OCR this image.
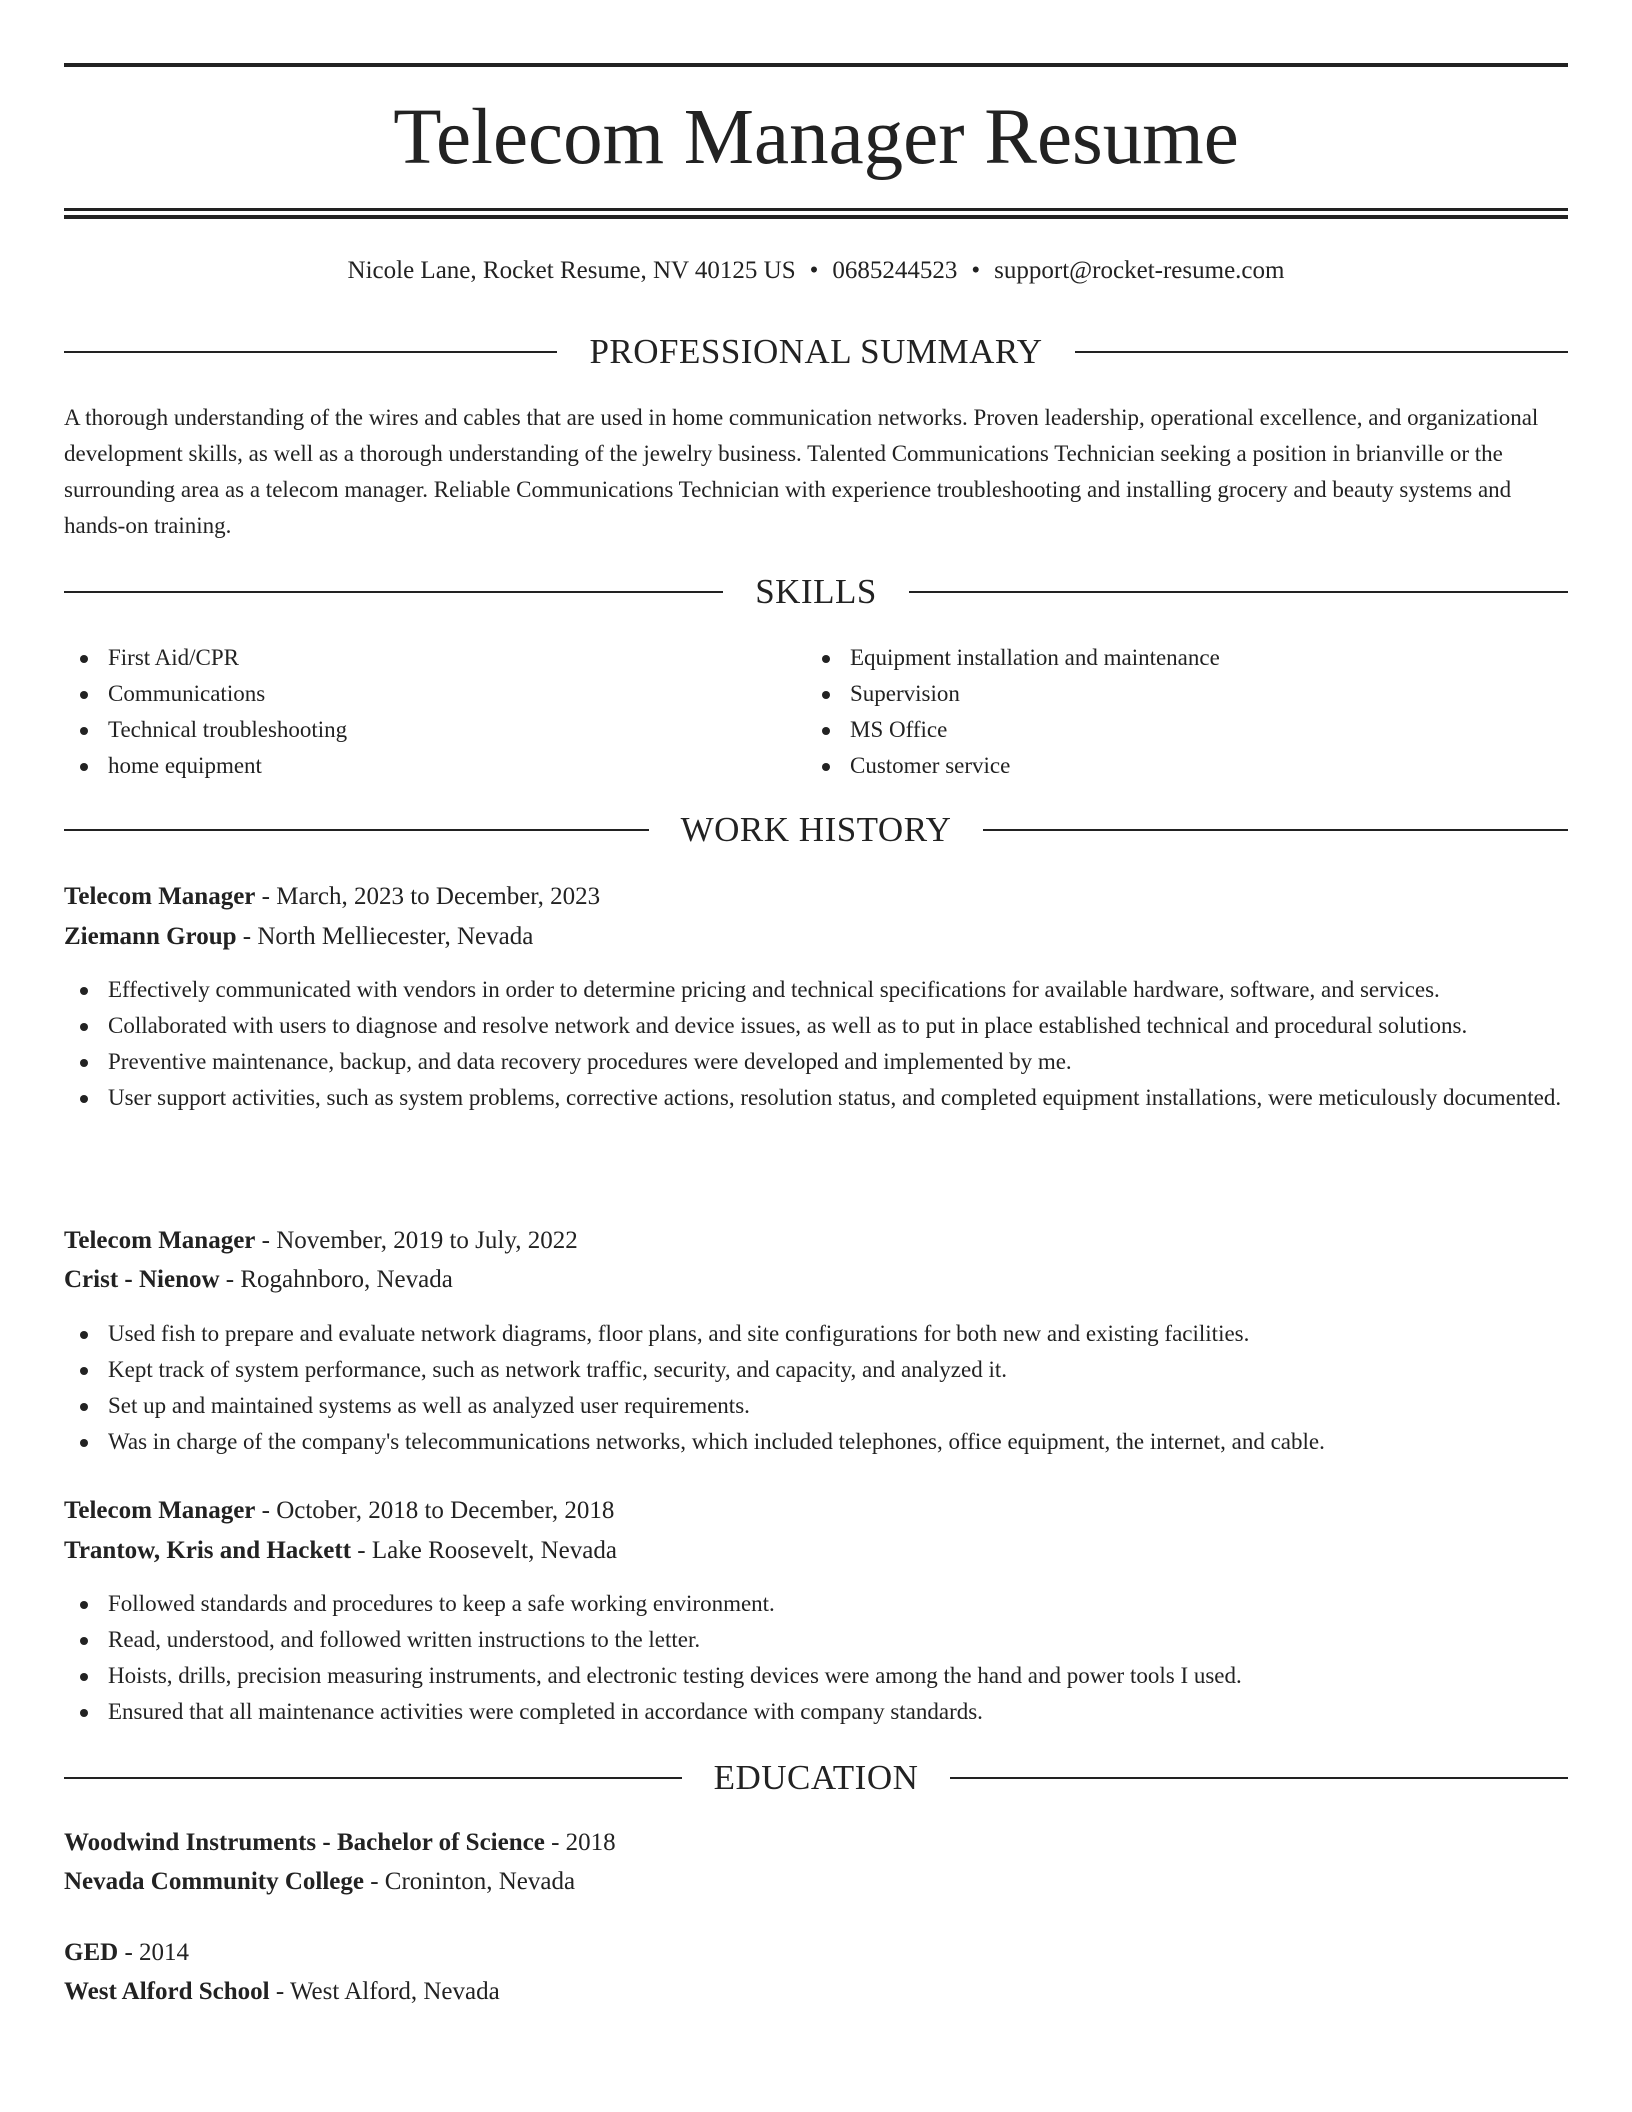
Telecom Manager Resume
Nicole Lane, Rocket Resume, NV 40125 US • 0685244523 • support@rocket-resume.com
PROFESSIONAL SUMMARY

A thorough understanding of the wires and cables that are used in home communication networks. Proven leadership, operational excellence, and organizational development skills, as well as a thorough understanding of the jewelry business. Talented Communications Technician seeking a position in brianville or the surrounding area as a telecom manager. Reliable Communications Technician with experience troubleshooting and installing grocery and beauty systems and hands-on training.

SKILLS
First Aid/CPR
Communications
Technical troubleshooting
home equipment
Equipment installation and maintenance
Supervision
MS Office
Customer service
WORK HISTORY
Telecom Manager - March, 2023 to December, 2023
Ziemann Group - North Melliecester, Nevada
Effectively communicated with vendors in order to determine pricing and technical specifications for available hardware, software, and services.
Collaborated with users to diagnose and resolve network and device issues, as well as to put in place established technical and procedural solutions.
Preventive maintenance, backup, and data recovery procedures were developed and implemented by me.
User support activities, such as system problems, corrective actions, resolution status, and completed equipment installations, were meticulously documented.
Telecom Manager - November, 2019 to July, 2022
Crist - Nienow - Rogahnboro, Nevada
Used fish to prepare and evaluate network diagrams, floor plans, and site configurations for both new and existing facilities.
Kept track of system performance, such as network traffic, security, and capacity, and analyzed it.
Set up and maintained systems as well as analyzed user requirements.
Was in charge of the company's telecommunications networks, which included telephones, office equipment, the internet, and cable.
Telecom Manager - October, 2018 to December, 2018
Trantow, Kris and Hackett - Lake Roosevelt, Nevada
Followed standards and procedures to keep a safe working environment.
Read, understood, and followed written instructions to the letter.
Hoists, drills, precision measuring instruments, and electronic testing devices were among the hand and power tools I used.
Ensured that all maintenance activities were completed in accordance with company standards.
EDUCATION
Woodwind Instruments - Bachelor of Science - 2018
Nevada Community College - Croninton, Nevada
GED - 2014
West Alford School - West Alford, Nevada
